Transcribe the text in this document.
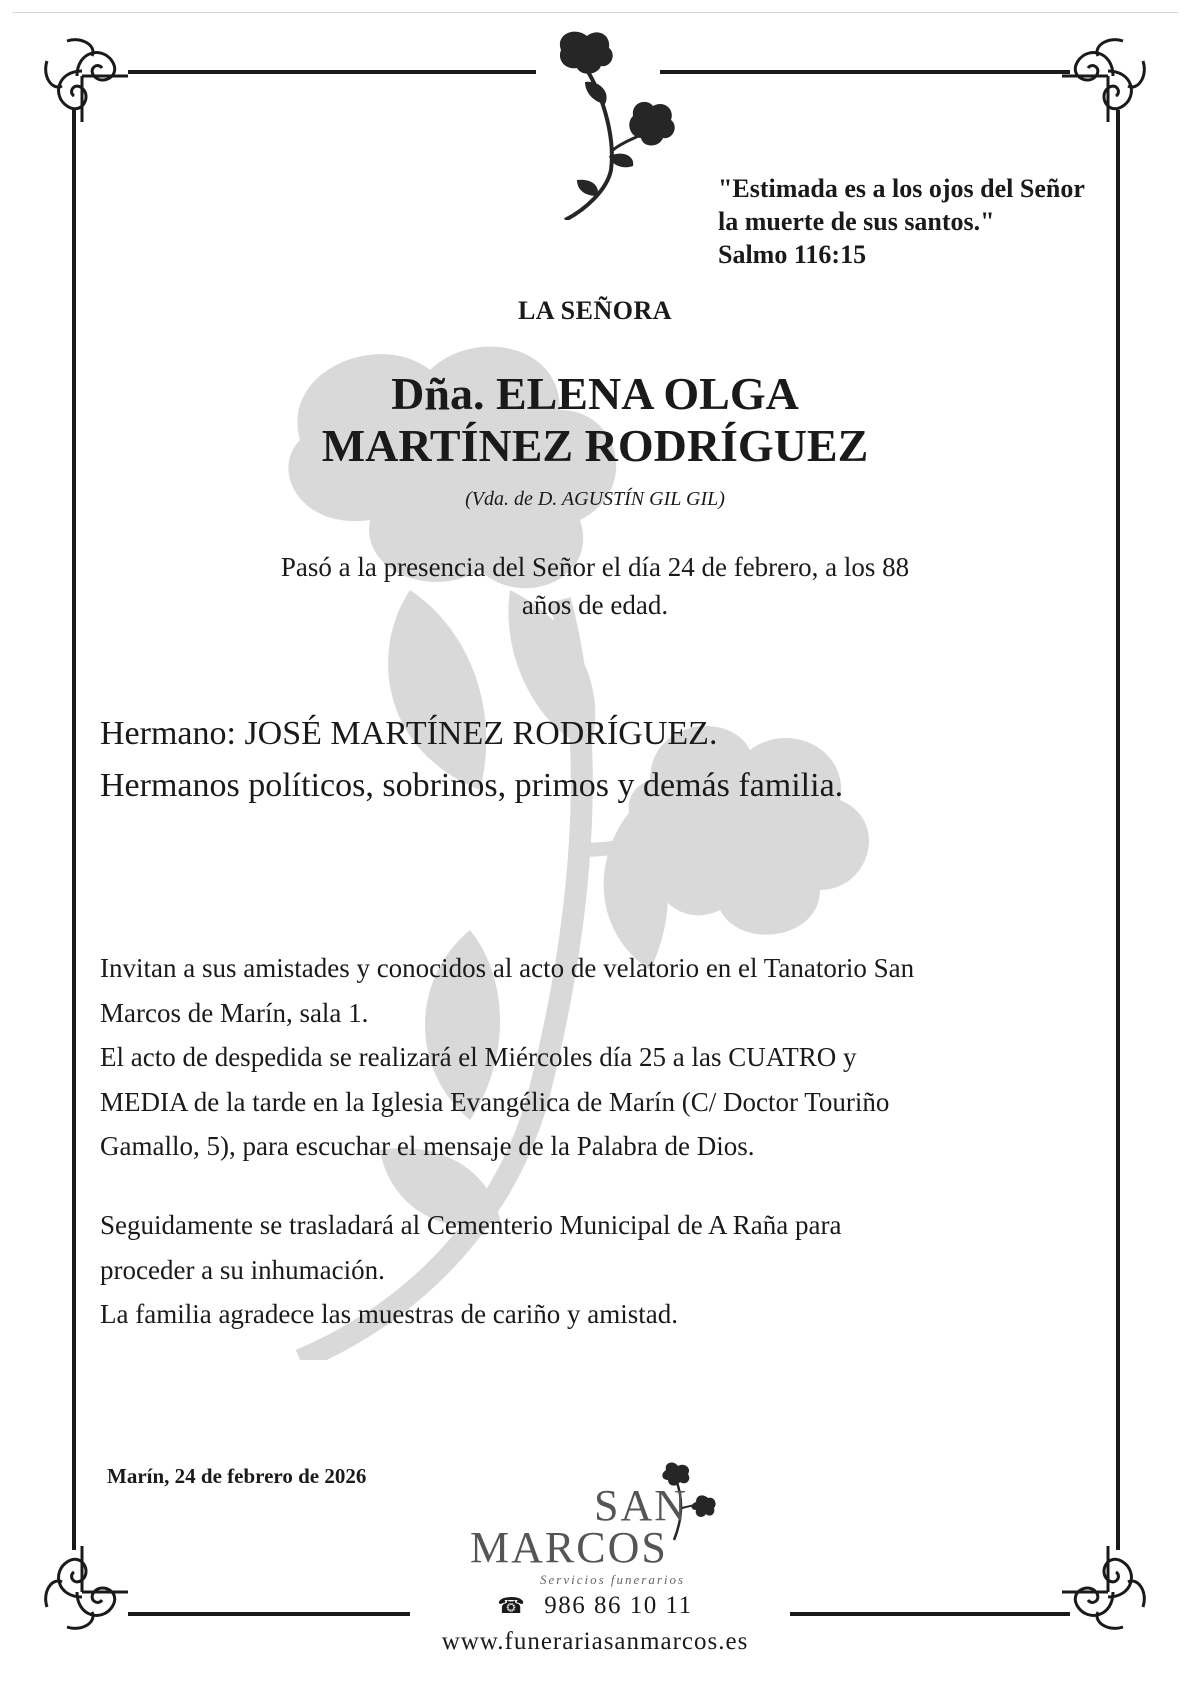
"Estimada es a los ojos del Señor
la muerte de sus santos."
Salmo 116:15
LA SEÑORA
Dña. ELENA OLGA
MARTÍNEZ RODRÍGUEZ
(Vda. de D. AGUSTÍN GIL GIL)
Pasó a la presencia del Señor el día 24 de febrero, a los 88
años de edad.
Hermano: JOSÉ MARTÍNEZ RODRÍGUEZ.
Hermanos políticos, sobrinos, primos y demás familia.
Invitan a sus amistades y conocidos al acto de velatorio en el Tanatorio San
Marcos de Marín, sala 1.
El acto de despedida se realizará el Miércoles día 25 a las CUATRO y
MEDIA de la tarde en la Iglesia Evangélica de Marín (C/ Doctor Touriño
Gamallo, 5), para escuchar el mensaje de la Palabra de Dios.
Seguidamente se trasladará al Cementerio Municipal de A Raña para
proceder a su inhumación.
La familia agradece las muestras de cariño y amistad.
Marín, 24 de febrero de 2026
SAN
MARCOS
Servicios funerarios
☎ 986 86 10 11
www.funerariasanmarcos.es
